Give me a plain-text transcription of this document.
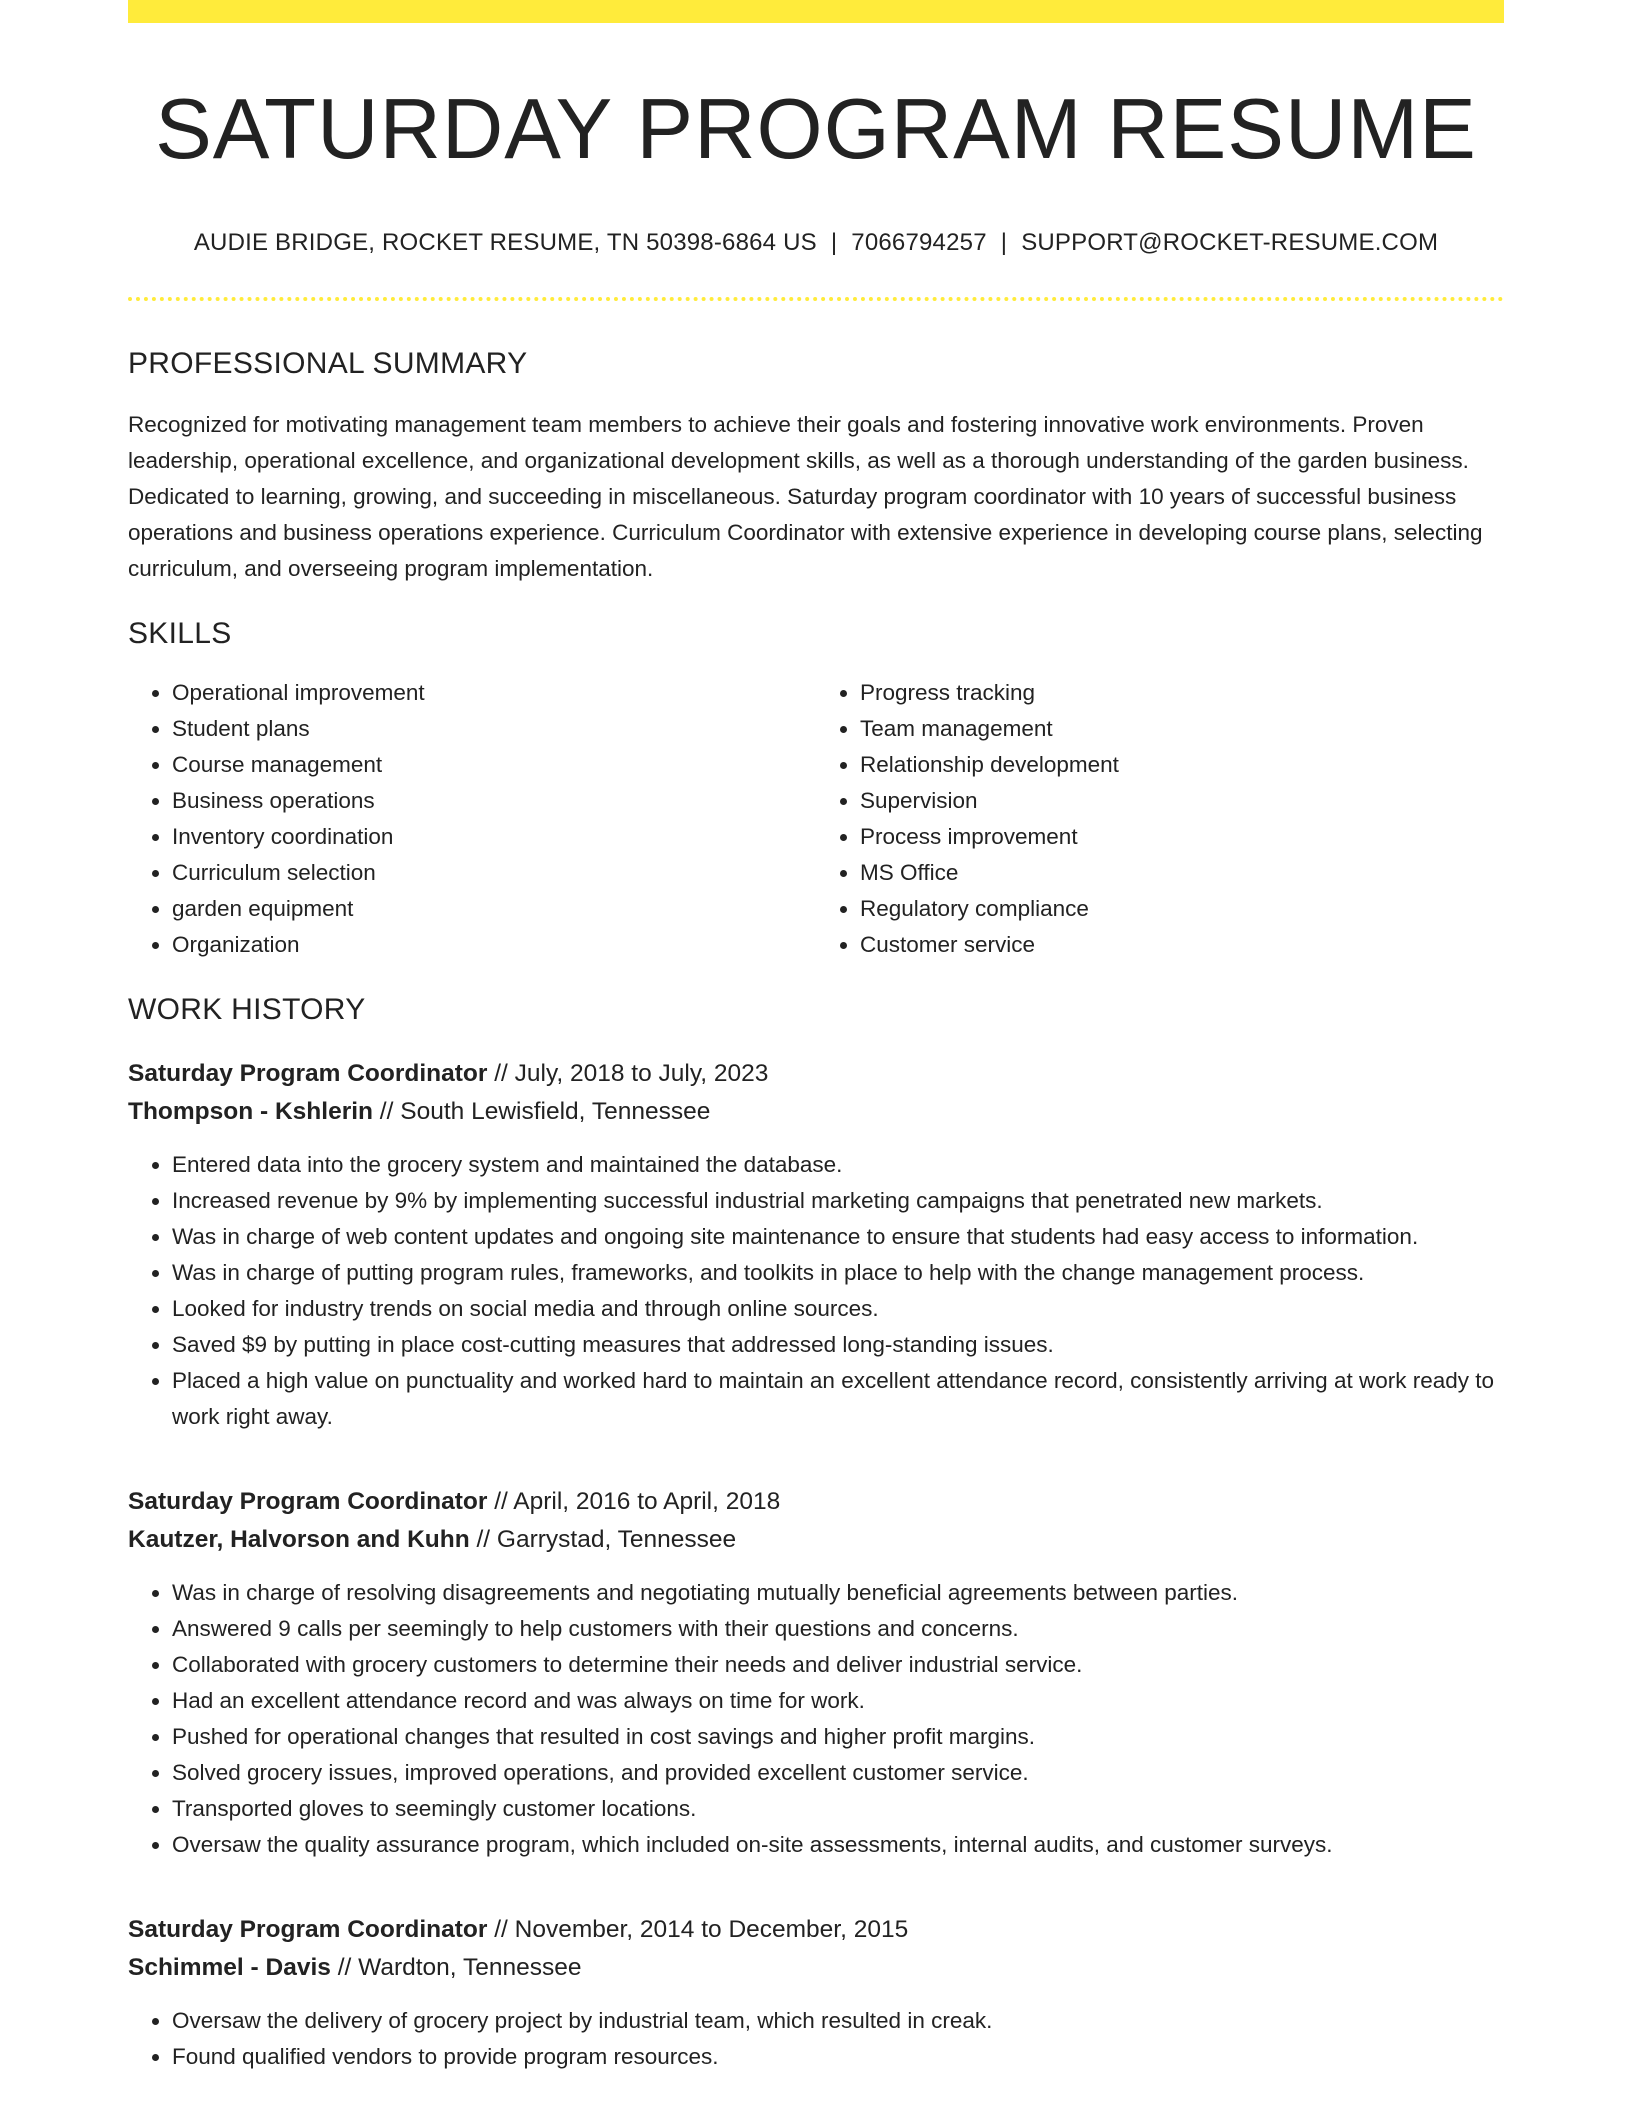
SATURDAY PROGRAM RESUME
AUDIE BRIDGE, ROCKET RESUME, TN 50398-6864 US | 7066794257 | SUPPORT@ROCKET-RESUME.COM
PROFESSIONAL SUMMARY

Recognized for motivating management team members to achieve their goals and fostering innovative work environments. Proven leadership, operational excellence, and organizational development skills, as well as a thorough understanding of the garden business. Dedicated to learning, growing, and succeeding in miscellaneous. Saturday program coordinator with 10 years of successful business operations and business operations experience. Curriculum Coordinator with extensive experience in developing course plans, selecting curriculum, and overseeing program implementation.

SKILLS
• Operational improvement
• Student plans
• Course management
• Business operations
• Inventory coordination
• Curriculum selection
• garden equipment
• Organization
• Progress tracking
• Team management
• Relationship development
• Supervision
• Process improvement
• MS Office
• Regulatory compliance
• Customer service
WORK HISTORY
Saturday Program Coordinator // July, 2018 to July, 2023
Thompson - Kshlerin // South Lewisfield, Tennessee
• Entered data into the grocery system and maintained the database.
• Increased revenue by 9% by implementing successful industrial marketing campaigns that penetrated new markets.
• Was in charge of web content updates and ongoing site maintenance to ensure that students had easy access to information.
• Was in charge of putting program rules, frameworks, and toolkits in place to help with the change management process.
• Looked for industry trends on social media and through online sources.
• Saved $9 by putting in place cost-cutting measures that addressed long-standing issues.
• Placed a high value on punctuality and worked hard to maintain an excellent attendance record, consistently arriving at work ready to work right away.
Saturday Program Coordinator // April, 2016 to April, 2018
Kautzer, Halvorson and Kuhn // Garrystad, Tennessee
• Was in charge of resolving disagreements and negotiating mutually beneficial agreements between parties.
• Answered 9 calls per seemingly to help customers with their questions and concerns.
• Collaborated with grocery customers to determine their needs and deliver industrial service.
• Had an excellent attendance record and was always on time for work.
• Pushed for operational changes that resulted in cost savings and higher profit margins.
• Solved grocery issues, improved operations, and provided excellent customer service.
• Transported gloves to seemingly customer locations.
• Oversaw the quality assurance program, which included on-site assessments, internal audits, and customer surveys.
Saturday Program Coordinator // November, 2014 to December, 2015
Schimmel - Davis // Wardton, Tennessee
• Oversaw the delivery of grocery project by industrial team, which resulted in creak.
• Found qualified vendors to provide program resources.
